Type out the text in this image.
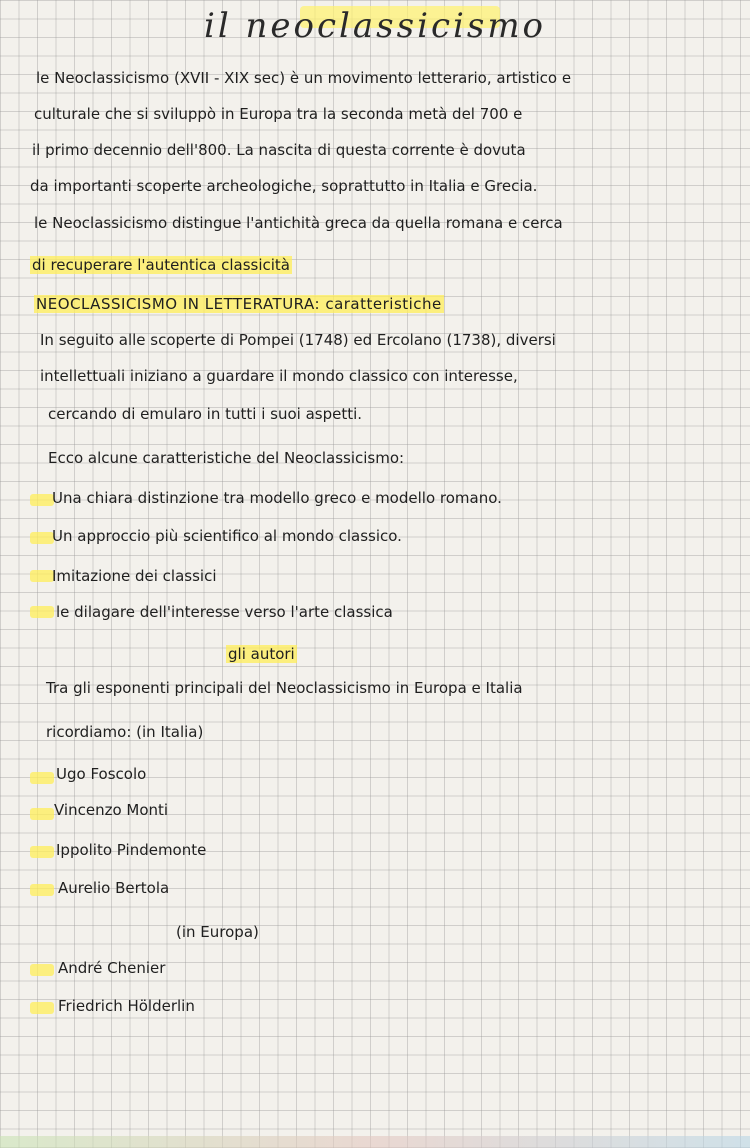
il neoclassicismo
le Neoclassicismo (XVII - XIX sec) è un movimento letterario, artistico e
culturale che si sviluppò in Europa tra la seconda metà del 700 e
il primo decennio dell'800. La nascita di questa corrente è dovuta
da importanti scoperte archeologiche, soprattutto in Italia e Grecia.
le Neoclassicismo distingue l'antichità greca da quella romana e cerca
di recuperare l'autentica classicità
NEOCLASSICISMO IN LETTERATURA: caratteristiche
In seguito alle scoperte di Pompei (1748) ed Ercolano (1738), diversi
intellettuali iniziano a guardare il mondo classico con interesse,
cercando di emularo in tutti i suoi aspetti.
Ecco alcune caratteristiche del Neoclassicismo:
Una chiara distinzione tra modello greco e modello romano.
Un approccio più scientifico al mondo classico.
Imitazione dei classici
le dilagare dell'interesse verso l'arte classica
gli autori
Tra gli esponenti principali del Neoclassicismo in Europa e Italia
ricordiamo: (in Italia)
Ugo Foscolo
Vincenzo Monti
Ippolito Pindemonte
Aurelio Bertola
(in Europa)
André Chenier
Friedrich Hölderlin
